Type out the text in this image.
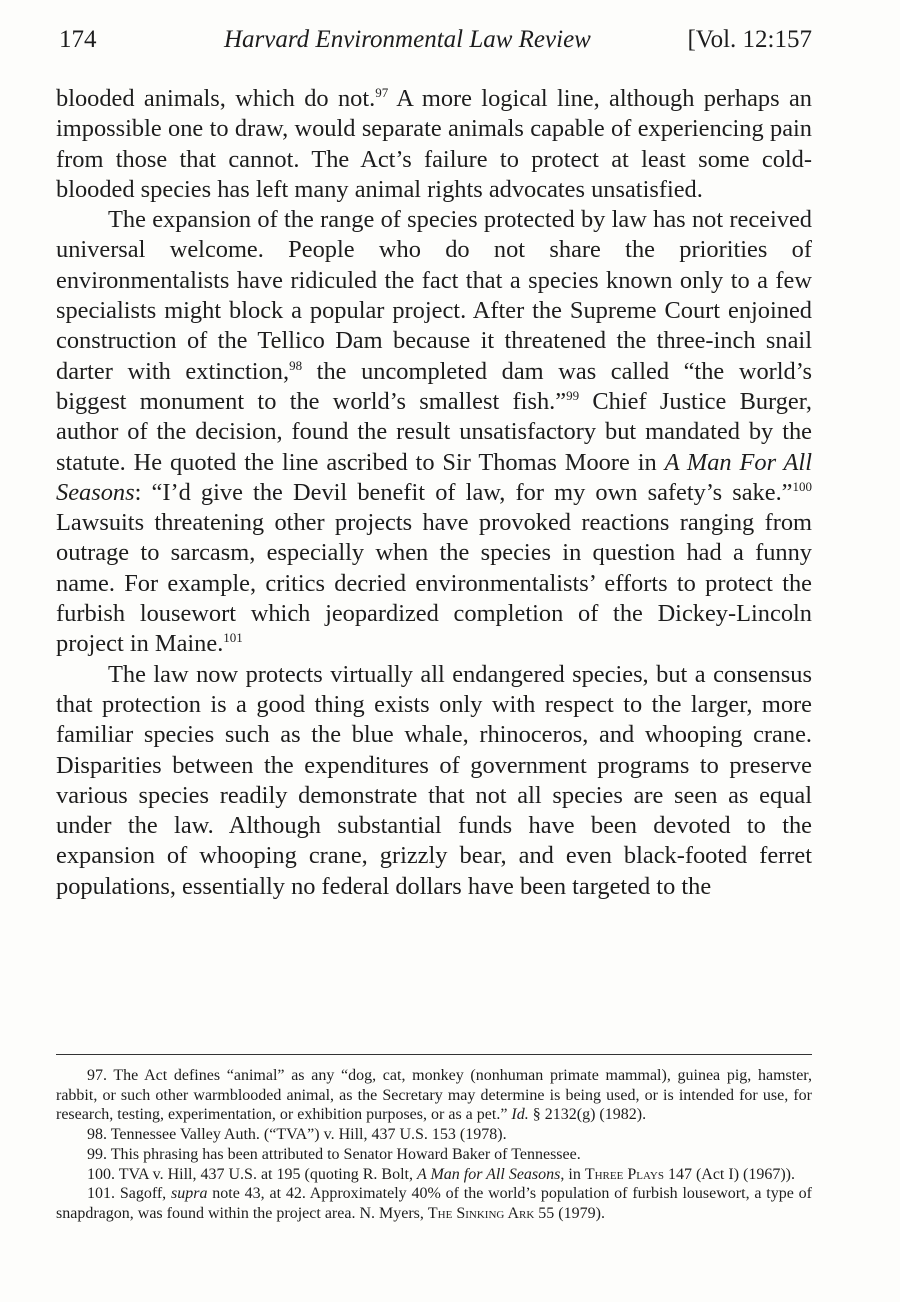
174	Harvard Environmental Law Review	[Vol. 12:157

blooded animals, which do not.$^{97}$ A more logical line, although perhaps an impossible one to draw, would separate animals capable of experiencing pain from those that cannot. The Act’s failure to protect at least some cold-blooded species has left many animal rights advocates unsatisfied.

The expansion of the range of species protected by law has not received universal welcome. People who do not share the priorities of environmentalists have ridiculed the fact that a species known only to a few specialists might block a popular project. After the Supreme Court enjoined construction of the Tellico Dam because it threatened the three-inch snail darter with extinction,$^{98}$ the uncompleted dam was called “the world’s biggest monument to the world’s smallest fish.”$^{99}$ Chief Justice Burger, author of the decision, found the result unsatisfactory but mandated by the statute. He quoted the line ascribed to Sir Thomas Moore in A Man For All Seasons: “I’d give the Devil benefit of law, for my own safety’s sake.”$^{100}$ Lawsuits threatening other projects have provoked reactions ranging from outrage to sarcasm, especially when the species in question had a funny name. For example, critics decried environmentalists’ efforts to protect the furbish lousewort which jeopardized completion of the Dickey-Lincoln project in Maine.$^{101}$

The law now protects virtually all endangered species, but a consensus that protection is a good thing exists only with respect to the larger, more familiar species such as the blue whale, rhinoceros, and whooping crane. Disparities between the expenditures of government programs to preserve various species readily demonstrate that not all species are seen as equal under the law. Although substantial funds have been devoted to the expansion of whooping crane, grizzly bear, and even black-footed ferret populations, essentially no federal dollars have been targeted to the

97. The Act defines “animal” as any “dog, cat, monkey (nonhuman primate mammal), guinea pig, hamster, rabbit, or such other warmblooded animal, as the Secretary may determine is being used, or is intended for use, for research, testing, experimentation, or exhibition purposes, or as a pet.” Id. § 2132(g) (1982).

98. Tennessee Valley Auth. (“TVA”) v. Hill, 437 U.S. 153 (1978).

99. This phrasing has been attributed to Senator Howard Baker of Tennessee.

100. TVA v. Hill, 437 U.S. at 195 (quoting R. Bolt, A Man for All Seasons, in Three Plays 147 (Act I) (1967)).

101. Sagoff, supra note 43, at 42. Approximately 40% of the world’s population of furbish lousewort, a type of snapdragon, was found within the project area. N. Myers, The Sinking Ark 55 (1979).
